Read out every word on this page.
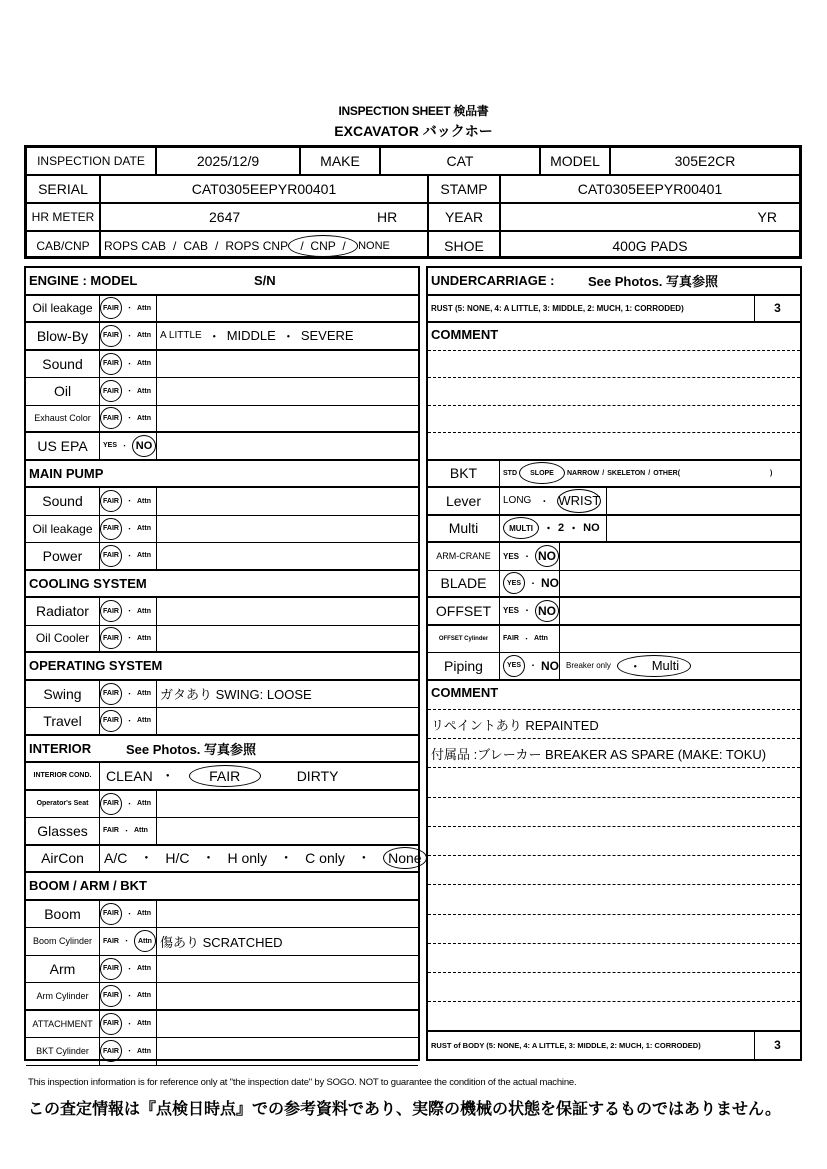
INSPECTION SHEET 検品書
EXCAVATOR バックホー
INSPECTION DATE	2025/12/9	MAKE	CAT	MODEL	305E2CR
SERIAL	CAT0305EEPYR00401	STAMP	CAT0305EEPYR00401
HR METER	2647	HR	YEAR	YR
CAB/CNP	ROPS CAB / CAB / ROPS CNP / CNP / NONE	SHOE	400G PADS
ENGINE : MODEL	S/N
Oil leakage	FAIR	・ Attn
Blow-By	FAIR	・ Attn A LITTLE ・ MIDDLE ・ SEVERE
Sound	FAIR	・ Attn
Oil	FAIR	・ Attn
Exhaust Color	FAIR	・ Attn
US EPA	YES ・ NO
MAIN PUMP
Sound	FAIR	・ Attn
Oil leakage	FAIR	・ Attn
Power	FAIR	・ Attn
COOLING SYSTEM
Radiator	FAIR	・ Attn
Oil Cooler	FAIR	・ Attn
OPERATING SYSTEM
Swing	FAIR	・ Attn ガタあり SWING: LOOSE
Travel	FAIR	・ Attn
INTERIOR	See Photos. 写真参照
INTERIOR COND.	CLEAN ・	FAIR	DIRTY
Operator's Seat	FAIR	・ Attn
Glasses	FAIR ・ Attn
AirCon	A/C ・ H/C ・ H only ・ C only ・	None
BOOM / ARM / BKT
Boom	FAIR	・ Attn
Boom Cylinder	FAIR ・	Attn 傷あり SCRATCHED
Arm	FAIR	・ Attn
Arm Cylinder	FAIR	・ Attn
ATTACHMENT	FAIR	・ Attn
BKT Cylinder	FAIR	・ Attn
UNDERCARRIAGE :	See Photos. 写真参照
RUST (5: NONE, 4: A LITTLE, 3: MIDDLE, 2: MUCH, 1: CORRODED)	3
COMMENT
BKT	STD	SLOPE	NARROW / SKELETON / OTHER(	)
Lever	LONG ・ WRIST
Multi	MULTI ・ 2 ・ NO
ARM-CRANE	YES ・ NO
BLADE	YES	・ NO
OFFSET	YES ・ NO
OFFSET Cylinder	FAIR ・ Attn
Piping	YES	・ NO Breaker only ・ Multi
COMMENT
リペイントあり REPAINTED
付属品 :ブレーカー BREAKER AS SPARE (MAKE: TOKU)
RUST of BODY (5: NONE, 4: A LITTLE, 3: MIDDLE, 2: MUCH, 1: CORRODED)	3
This inspection information is for reference only at "the inspection date" by SOGO. NOT to guarantee the condition of the actual machine.
この査定情報は『点検日時点』での参考資料であり、実際の機械の状態を保証するものではありません。
